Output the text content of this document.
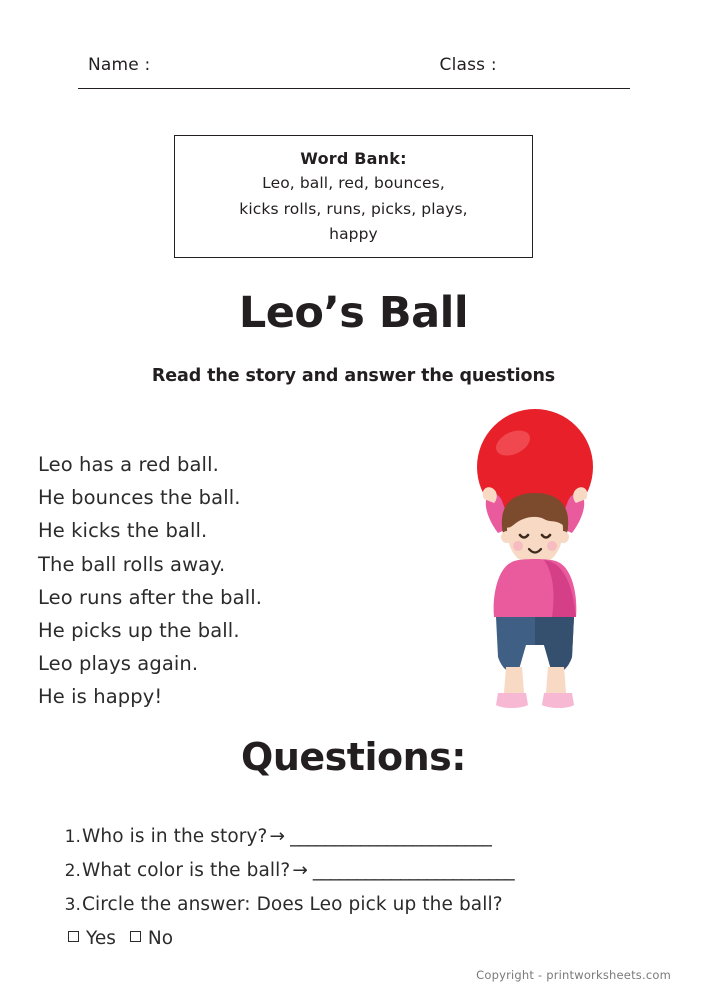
Name :	Class :
Word Bank:
Leo, ball, red, bounces,
kicks rolls, runs, picks, plays,
happy
Leo’s Ball
Read the story and answer the questions
Leo has a red ball.
He bounces the ball.
He kicks the ball.
The ball rolls away.
Leo runs after the ball.
He picks up the ball.
Leo plays again.
He is happy!
Questions:
1. Who is in the story? → _______________________
2. What color is the ball? → _______________________
3. Circle the answer: Does Leo pick up the ball?
Yes	No
Copyright - printworksheets.com
